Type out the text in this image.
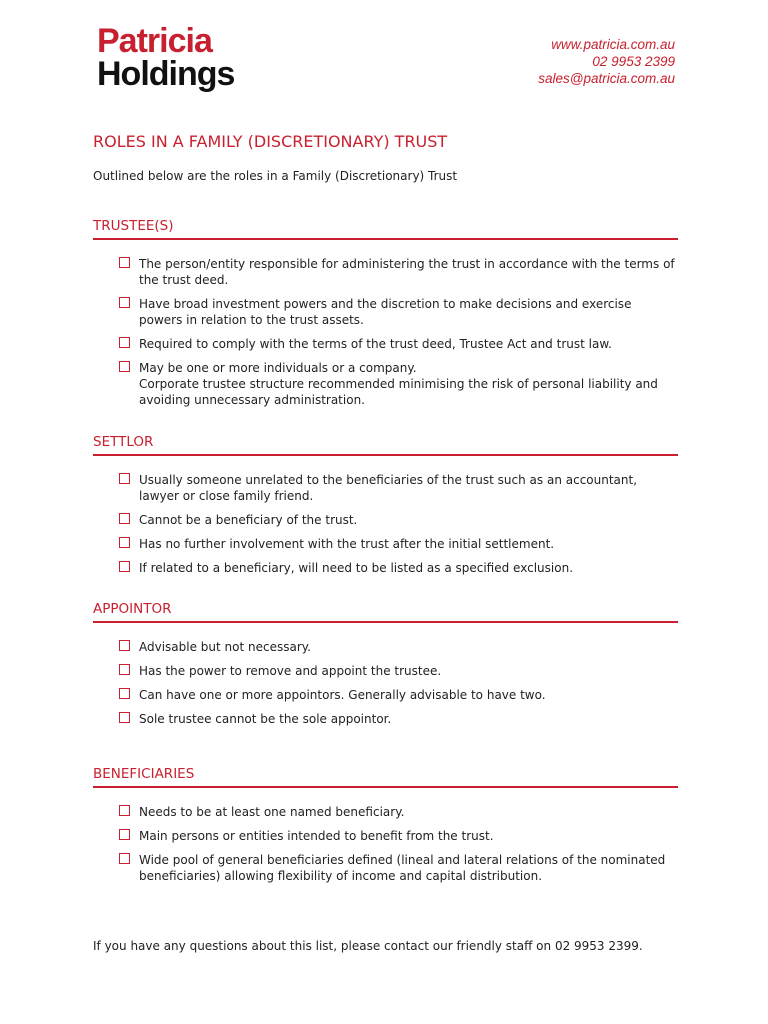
Patricia
Holdings
www.patricia.com.au
02 9953 2399
sales@patricia.com.au
ROLES IN A FAMILY (DISCRETIONARY) TRUST
Outlined below are the roles in a Family (Discretionary) Trust
TRUSTEE(S)
The person/entity responsible for administering the trust in accordance with the terms of the trust deed.
Have broad investment powers and the discretion to make decisions and exercise powers in relation to the trust assets.
Required to comply with the terms of the trust deed, Trustee Act and trust law.
May be one or more individuals or a company.
Corporate trustee structure recommended minimising the risk of personal liability and avoiding unnecessary administration.
SETTLOR
Usually someone unrelated to the beneficiaries of the trust such as an accountant, lawyer or close family friend.
Cannot be a beneficiary of the trust.
Has no further involvement with the trust after the initial settlement.
If related to a beneficiary, will need to be listed as a specified exclusion.
APPOINTOR
Advisable but not necessary.
Has the power to remove and appoint the trustee.
Can have one or more appointors. Generally advisable to have two.
Sole trustee cannot be the sole appointor.
BENEFICIARIES
Needs to be at least one named beneficiary.
Main persons or entities intended to benefit from the trust.
Wide pool of general beneficiaries defined (lineal and lateral relations of the nominated beneficiaries) allowing flexibility of income and capital distribution.
If you have any questions about this list, please contact our friendly staff on 02 9953 2399.
